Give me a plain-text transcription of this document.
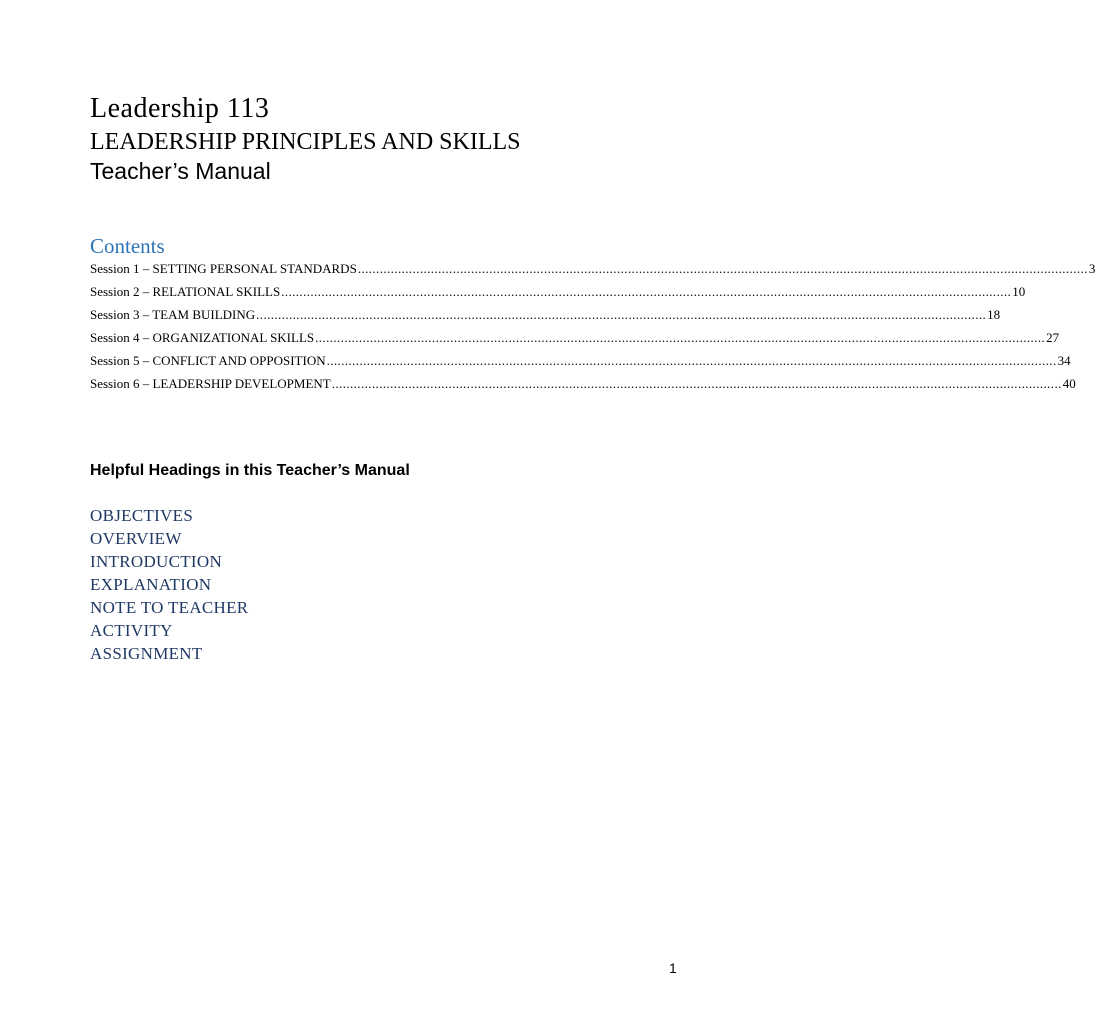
Leadership 113
LEADERSHIP PRINCIPLES AND SKILLS
Teacher’s Manual
Contents
Session 1 – SETTING PERSONAL STANDARDS ........................................................................................................................................................................................................ 3
Session 2 – RELATIONAL SKILLS ........................................................................................................................................................................................................ 10
Session 3 – TEAM BUILDING ........................................................................................................................................................................................................ 18
Session 4 – ORGANIZATIONAL SKILLS ........................................................................................................................................................................................................ 27
Session 5 – CONFLICT AND OPPOSITION ........................................................................................................................................................................................................ 34
Session 6 – LEADERSHIP DEVELOPMENT ........................................................................................................................................................................................................ 40
Helpful Headings in this Teacher’s Manual
OBJECTIVES
OVERVIEW
INTRODUCTION
EXPLANATION
NOTE TO TEACHER
ACTIVITY
ASSIGNMENT
1
